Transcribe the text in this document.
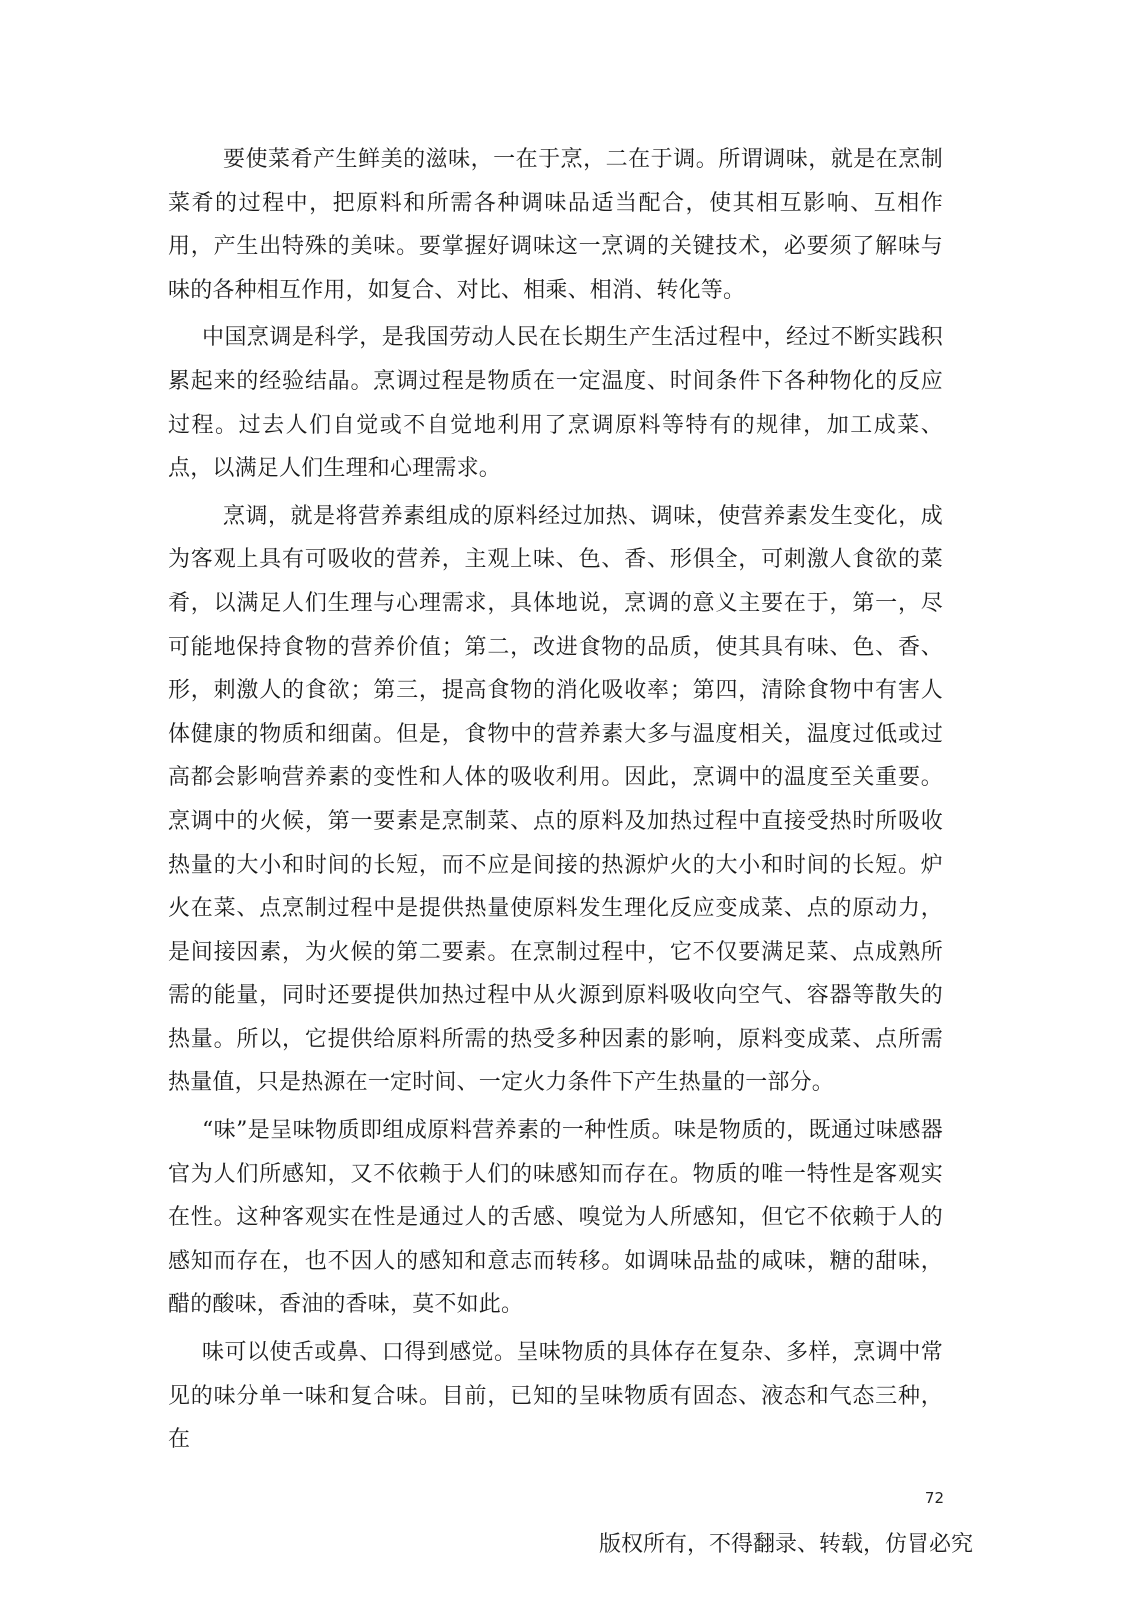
要使菜肴产生鲜美的滋味，一在于烹，二在于调。所谓调味，就是在烹制菜肴的过程中，把原料和所需各种调味品适当配合，使其相互影响、互相作用，产生出特殊的美味。要掌握好调味这一烹调的关键技术，必要须了解味与味的各种相互作用，如复合、对比、相乘、相消、转化等。

中国烹调是科学，是我国劳动人民在长期生产生活过程中，经过不断实践积累起来的经验结晶。烹调过程是物质在一定温度、时间条件下各种物化的反应过程。过去人们自觉或不自觉地利用了烹调原料等特有的规律，加工成菜、点，以满足人们生理和心理需求。

烹调，就是将营养素组成的原料经过加热、调味，使营养素发生变化，成为客观上具有可吸收的营养，主观上味、色、香、形俱全，可刺激人食欲的菜肴，以满足人们生理与心理需求，具体地说，烹调的意义主要在于，第一，尽可能地保持食物的营养价值；第二，改进食物的品质，使其具有味、色、香、形，刺激人的食欲；第三，提高食物的消化吸收率；第四，清除食物中有害人体健康的物质和细菌。但是，食物中的营养素大多与温度相关，温度过低或过高都会影响营养素的变性和人体的吸收利用。因此，烹调中的温度至关重要。烹调中的火候，第一要素是烹制菜、点的原料及加热过程中直接受热时所吸收热量的大小和时间的长短，而不应是间接的热源炉火的大小和时间的长短。炉火在菜、点烹制过程中是提供热量使原料发生理化反应变成菜、点的原动力，是间接因素，为火候的第二要素。在烹制过程中，它不仅要满足菜、点成熟所需的能量，同时还要提供加热过程中从火源到原料吸收向空气、容器等散失的热量。所以，它提供给原料所需的热受多种因素的影响，原料变成菜、点所需热量值，只是热源在一定时间、一定火力条件下产生热量的一部分。

“味”是呈味物质即组成原料营养素的一种性质。味是物质的，既通过味感器官为人们所感知，又不依赖于人们的味感知而存在。物质的唯一特性是客观实在性。这种客观实在性是通过人的舌感、嗅觉为人所感知，但它不依赖于人的感知而存在，也不因人的感知和意志而转移。如调味品盐的咸味，糖的甜味，醋的酸味，香油的香味，莫不如此。

味可以使舌或鼻、口得到感觉。呈味物质的具体存在复杂、多样，烹调中常见的味分单一味和复合味。目前，已知的呈味物质有固态、液态和气态三种，在

72
版权所有，不得翻录、转载，仿冒必究
